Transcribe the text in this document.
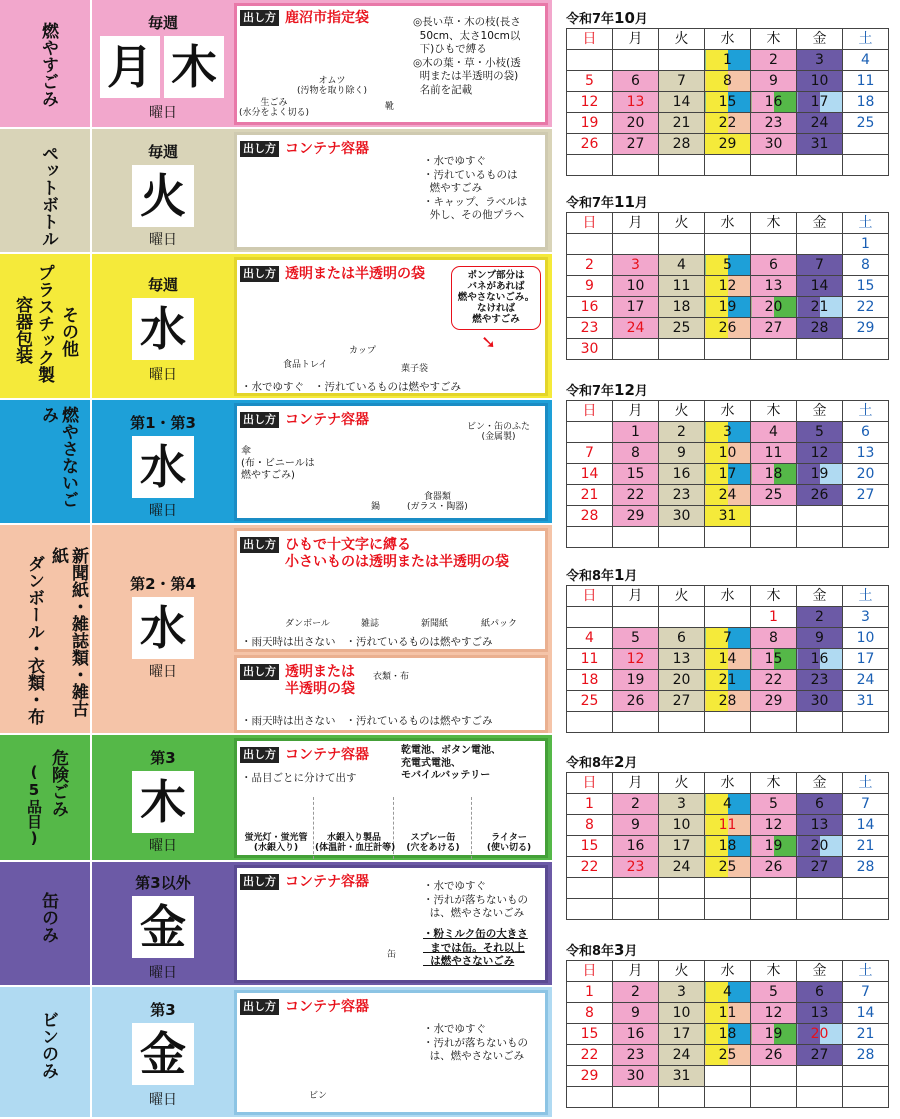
燃やすごみ	毎週
月 木
曜日
出し方 鹿沼市指定袋	◎長い草・木の枝(長さ
50cm、太さ10cm以
下)ひもで縛る
◎木の葉・草・小枝(透
明または半透明の袋)
名前を記載
オムツ
(汚物を取り除く)
生ごみ
(水分をよく切る)
靴
ペットボトル	毎週
火
曜日
出し方 コンテナ容器
・水でゆすぐ
・汚れているものは
燃やすごみ
・キャップ、ラベルは
外し、その他プラへ
プラスチック製 その他
容器包装
毎週
水
曜日
出し方 透明または半透明の袋	ポンプ部分は
バネがあれば
燃やさないごみ。
なければ
燃やすごみ
➘
カップ
食品トレイ	菓子袋
・水でゆすぐ   ・汚れているものは燃やすごみ
燃やさないごみ	第1・第3
水
曜日
出し方 コンテナ容器	ビン・缶のふた
(金属製)
傘
(布・ビニールは
燃やすごみ)
鍋
食器類
(ガラス・陶器)
新聞紙・雑誌類・雑古紙
ダンボール・衣類・布	第2・第4
水
曜日
出し方 ひもで十文字に縛る
小さいものは透明または半透明の袋
ダンボール	雑誌	新聞紙	紙パック
・雨天時は出さない   ・汚れているものは燃やすごみ
出し方 透明または
半透明の袋
衣類・布
・雨天時は出さない   ・汚れているものは燃やすごみ
危険ごみ
(5品目)
第3
木
曜日
出し方 コンテナ容器
・品目ごとに分けて出す
乾電池、ボタン電池、
充電式電池、
モバイルバッテリー
蛍光灯・蛍光管
(水銀入り)
水銀入り製品
(体温計・血圧計等)
スプレー缶
(穴をあける)
ライター
(使い切る)
缶のみ
第3以外
金
曜日
出し方 コンテナ容器	・水でゆすぐ
・汚れが落ちないもの
は、燃やさないごみ
・粉ミルク缶の大きさ
までは缶。それ以上
は燃やさないごみ
缶
ビンのみ
第3
金
曜日
出し方 コンテナ容器
・水でゆすぐ
・汚れが落ちないもの
は、燃やさないごみ
ビン
令和7年10月
日	月	火	水	木	金	土
			1	2	3	4
5	6	7	8	9	10	11
12	13	14	15	16	17	18
19	20	21	22	23	24	25
26	27	28	29	30	31	

令和7年11月
日	月	火	水	木	金	土
						1
2	3	4	5	6	7	8
9	10	11	12	13	14	15
16	17	18	19	20	21	22
23	24	25	26	27	28	29
30						
令和7年12月
日	月	火	水	木	金	土
	1	2	3	4	5	6
7	8	9	10	11	12	13
14	15	16	17	18	19	20
21	22	23	24	25	26	27
28	29	30	31			

令和8年1月
日	月	火	水	木	金	土
				1	2	3
4	5	6	7	8	9	10
11	12	13	14	15	16	17
18	19	20	21	22	23	24
25	26	27	28	29	30	31

令和8年2月
日	月	火	水	木	金	土
1	2	3	4	5	6	7
8	9	10	11	12	13	14
15	16	17	18	19	20	21
22	23	24	25	26	27	28

令和8年3月
日	月	火	水	木	金	土
1	2	3	4	5	6	7
8	9	10	11	12	13	14
15	16	17	18	19	20	21
22	23	24	25	26	27	28
29	30	31				
